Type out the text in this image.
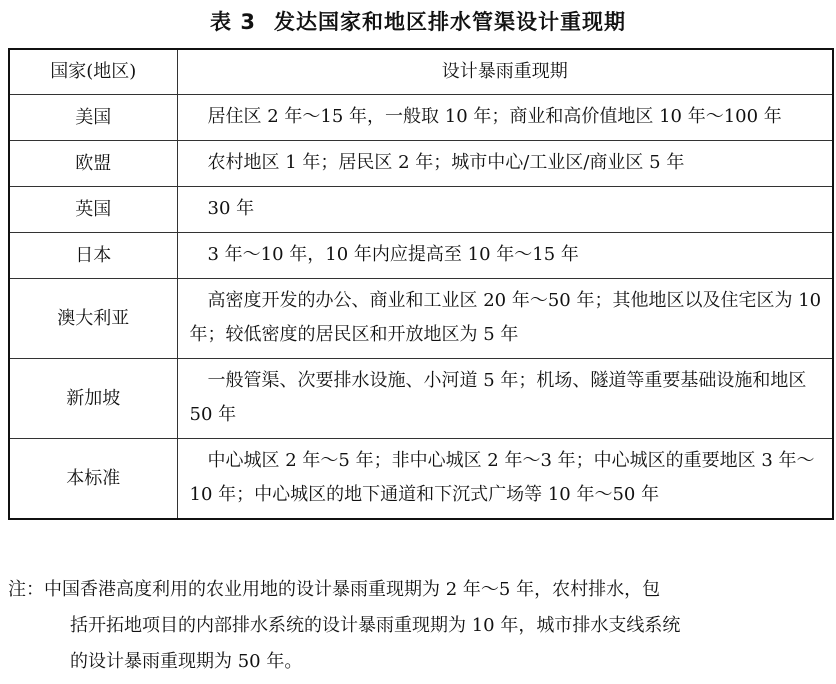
表 3 发达国家和地区排水管渠设计重现期
国家(地区)	设计暴雨重现期
美国	居住区 2 年～15 年，一般取 10 年；商业和高价值地区 10 年～100 年
欧盟	农村地区 1 年；居民区 2 年；城市中心/工业区/商业区 5 年
英国	30 年
日本	3 年～10 年，10 年内应提高至 10 年～15 年
澳大利亚	高密度开发的办公、商业和工业区 20 年～50 年；其他地区以及住宅区为 10 年；较低密度的居民区和开放地区为 5 年
新加坡	一般管渠、次要排水设施、小河道 5 年；机场、隧道等重要基础设施和地区 50 年
本标准	中心城区 2 年～5 年；非中心城区 2 年～3 年；中心城区的重要地区 3 年～10 年；中心城区的地下通道和下沉式广场等 10 年～50 年
注：中国香港高度利用的农业用地的设计暴雨重现期为 2 年～5 年，农村排水，包
括开拓地项目的内部排水系统的设计暴雨重现期为 10 年，城市排水支线系统
的设计暴雨重现期为 50 年。
